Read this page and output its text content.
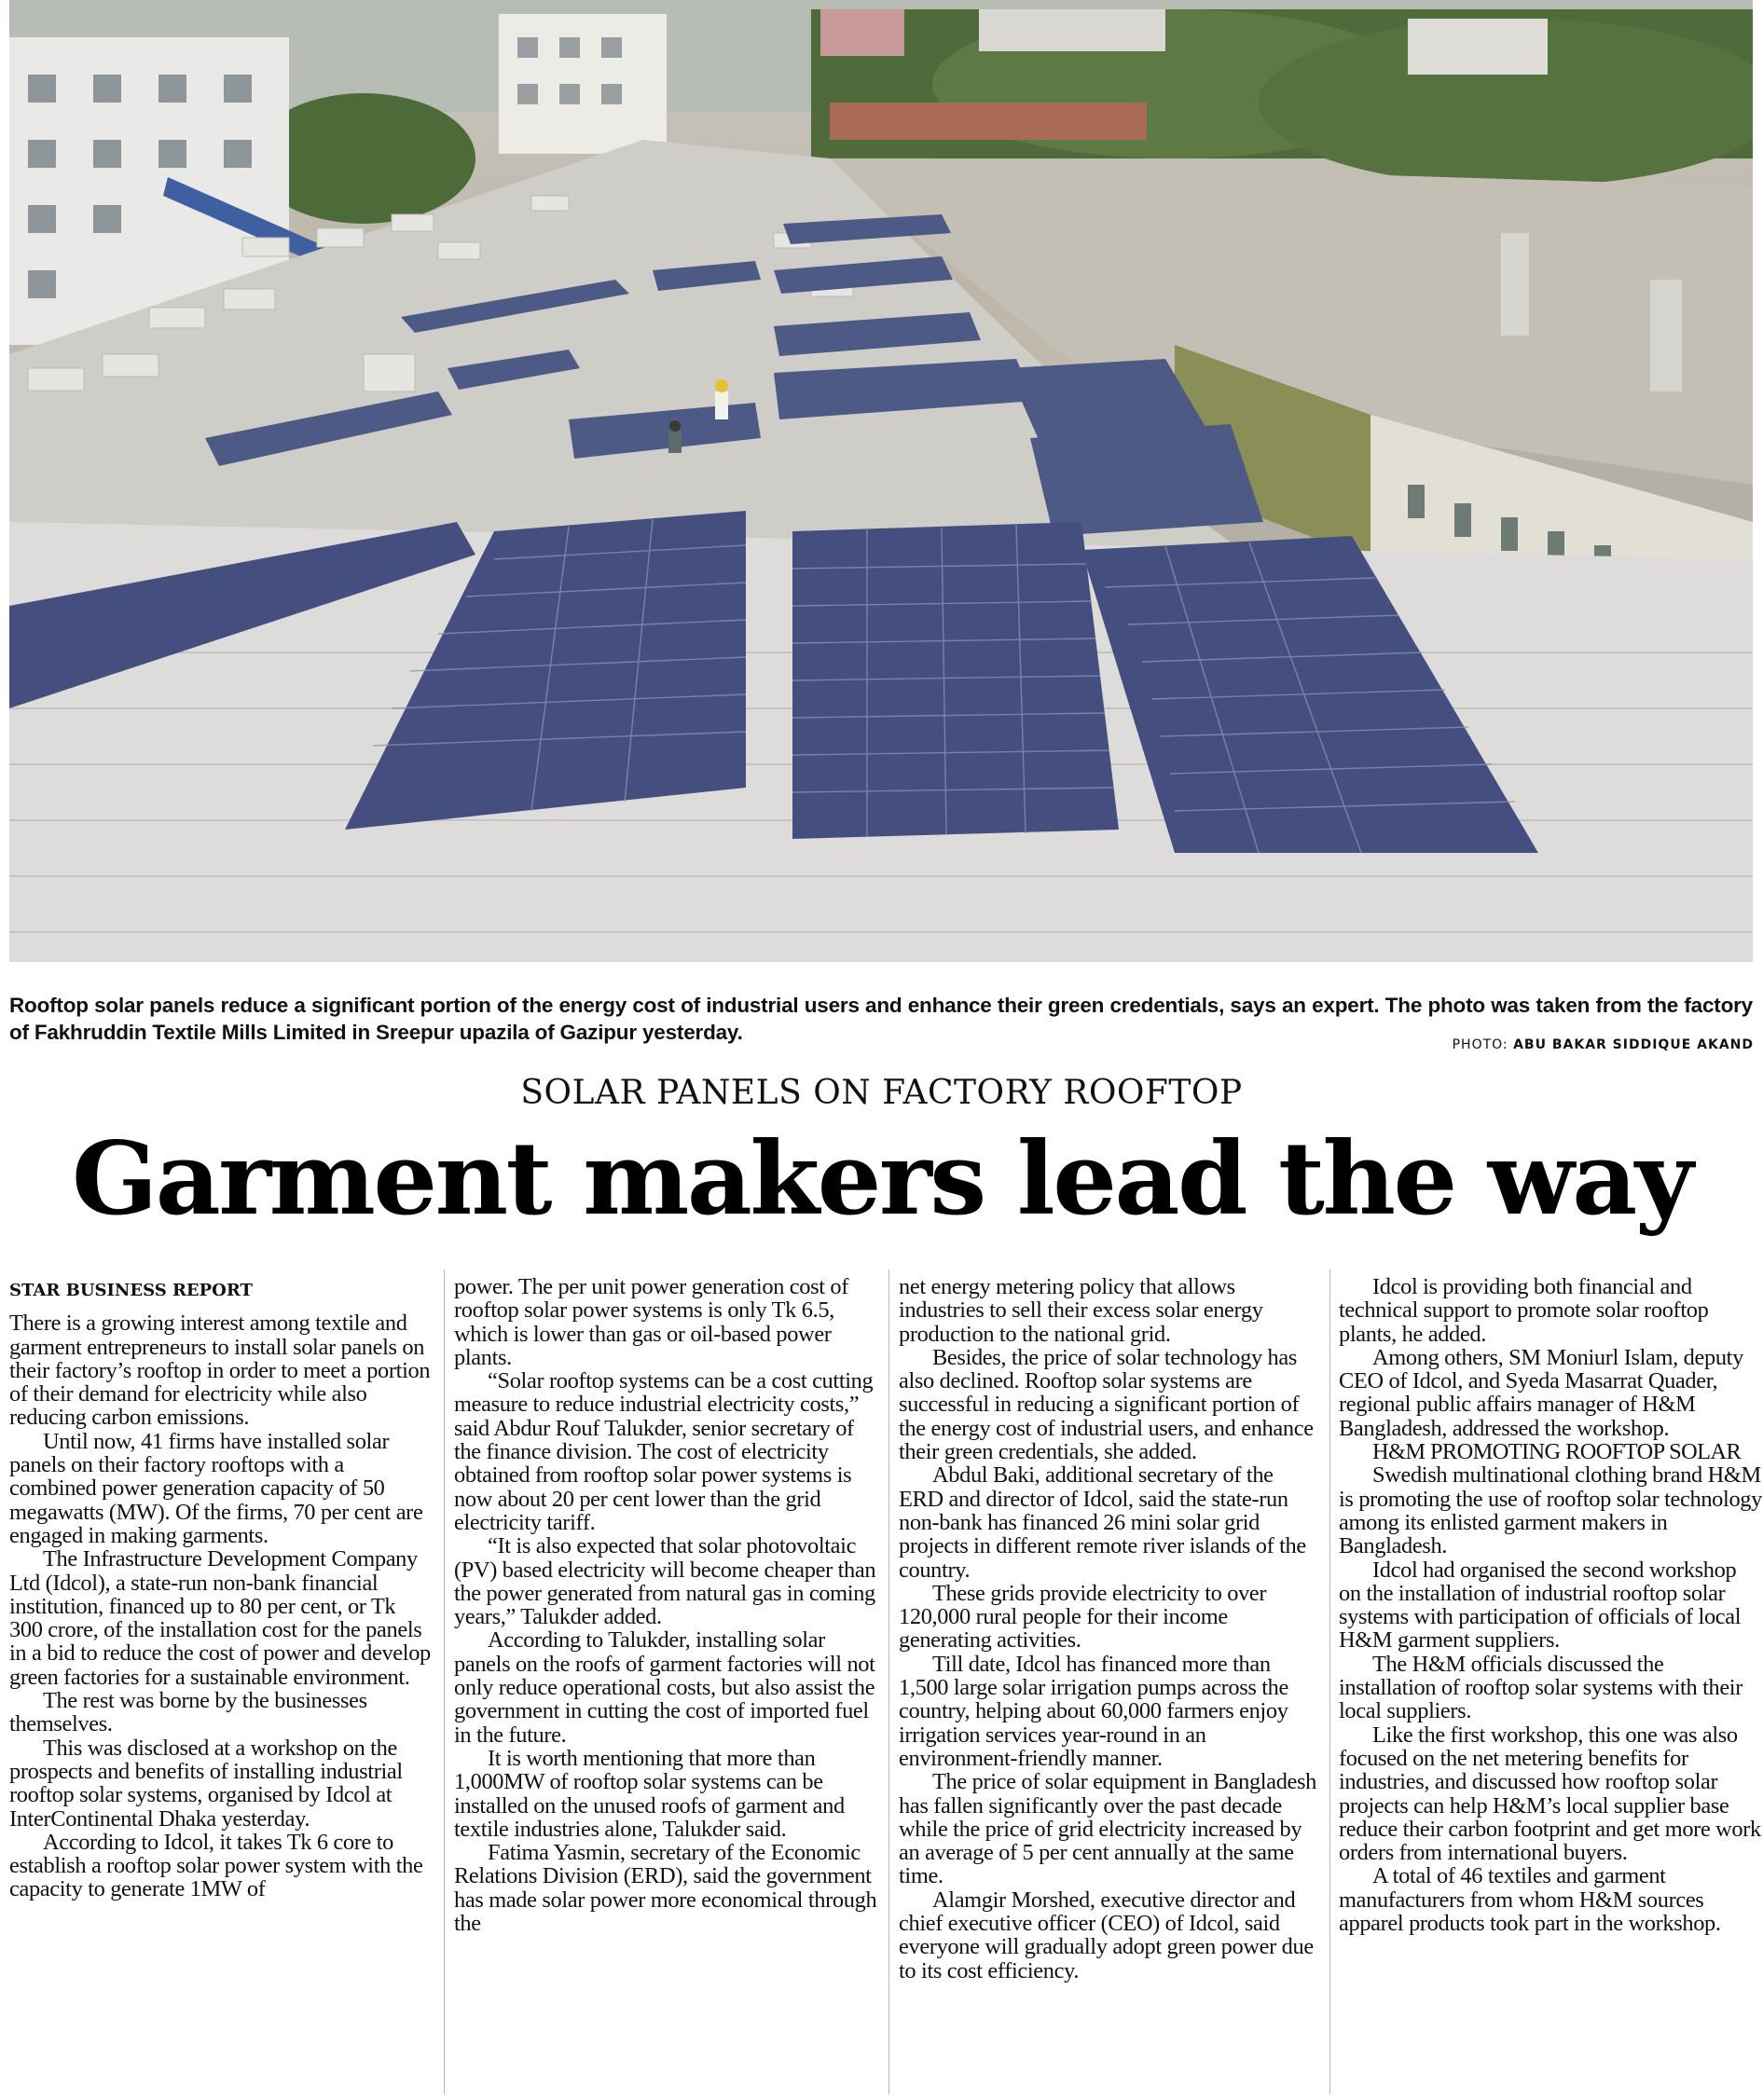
Rooftop solar panels reduce a significant portion of the energy cost of industrial users and enhance their green credentials, says an expert. The photo was taken from the factory of Fakhruddin Textile Mills Limited in Sreepur upazila of Gazipur yesterday.

PHOTO: ABU BAKAR SIDDIQUE AKAND
SOLAR PANELS ON FACTORY ROOFTOP
Garment makers lead the way

STAR BUSINESS REPORT

There is a growing interest among textile and garment entrepreneurs to install solar panels on their factory’s rooftop in order to meet a portion of their demand for electricity while also reducing carbon emissions.

Until now, 41 firms have installed solar panels on their factory rooftops with a combined power generation capacity of 50 megawatts (MW). Of the firms, 70 per cent are engaged in making garments.

The Infrastructure Development Company Ltd (Idcol), a state-run non-bank financial institution, financed up to 80 per cent, or Tk 300 crore, of the installation cost for the panels in a bid to reduce the cost of power and develop green factories for a sustainable environment.

The rest was borne by the businesses themselves.

This was disclosed at a workshop on the prospects and benefits of installing industrial rooftop solar systems, organised by Idcol at InterContinental Dhaka yesterday.

According to Idcol, it takes Tk 6 core to establish a rooftop solar power system with the capacity to generate 1MW of

power. The per unit power generation cost of rooftop solar power systems is only Tk 6.5, which is lower than gas or oil-based power plants.

“Solar rooftop systems can be a cost cutting measure to reduce industrial electricity costs,” said Abdur Rouf Talukder, senior secretary of the finance division. The cost of electricity obtained from rooftop solar power systems is now about 20 per cent lower than the grid electricity tariff.

“It is also expected that solar photovoltaic (PV) based electricity will become cheaper than the power generated from natural gas in coming years,” Talukder added.

According to Talukder, installing solar panels on the roofs of garment factories will not only reduce operational costs, but also assist the government in cutting the cost of imported fuel in the future.

It is worth mentioning that more than 1,000MW of rooftop solar systems can be installed on the unused roofs of garment and textile industries alone, Talukder said.

Fatima Yasmin, secretary of the Economic Relations Division (ERD), said the government has made solar power more economical through the

net energy metering policy that allows industries to sell their excess solar energy production to the national grid.

Besides, the price of solar technology has also declined. Rooftop solar systems are successful in reducing a significant portion of the energy cost of industrial users, and enhance their green credentials, she added.

Abdul Baki, additional secretary of the ERD and director of Idcol, said the state-run non-bank has financed 26 mini solar grid projects in different remote river islands of the country.

These grids provide electricity to over 120,000 rural people for their income generating activities.

Till date, Idcol has financed more than 1,500 large solar irrigation pumps across the country, helping about 60,000 farmers enjoy irrigation services year-round in an environment-friendly manner.

The price of solar equipment in Bangladesh has fallen significantly over the past decade while the price of grid electricity increased by an average of 5 per cent annually at the same time.

Alamgir Morshed, executive director and chief executive officer (CEO) of Idcol, said everyone will gradually adopt green power due to its cost efficiency.

Idcol is providing both financial and technical support to promote solar rooftop plants, he added.

Among others, SM Moniurl Islam, deputy CEO of Idcol, and Syeda Masarrat Quader, regional public affairs manager of H&M Bangladesh, addressed the workshop.

H&M PROMOTING ROOFTOP SOLAR

Swedish multinational clothing brand H&M is promoting the use of rooftop solar technology among its enlisted garment makers in Bangladesh.

Idcol had organised the second workshop on the installation of industrial rooftop solar systems with participation of officials of local H&M garment suppliers.

The H&M officials discussed the installation of rooftop solar systems with their local suppliers.

Like the first workshop, this one was also focused on the net metering benefits for industries, and discussed how rooftop solar projects can help H&M’s local supplier base reduce their carbon footprint and get more work orders from international buyers.

A total of 46 textiles and garment manufacturers from whom H&M sources apparel products took part in the workshop.
